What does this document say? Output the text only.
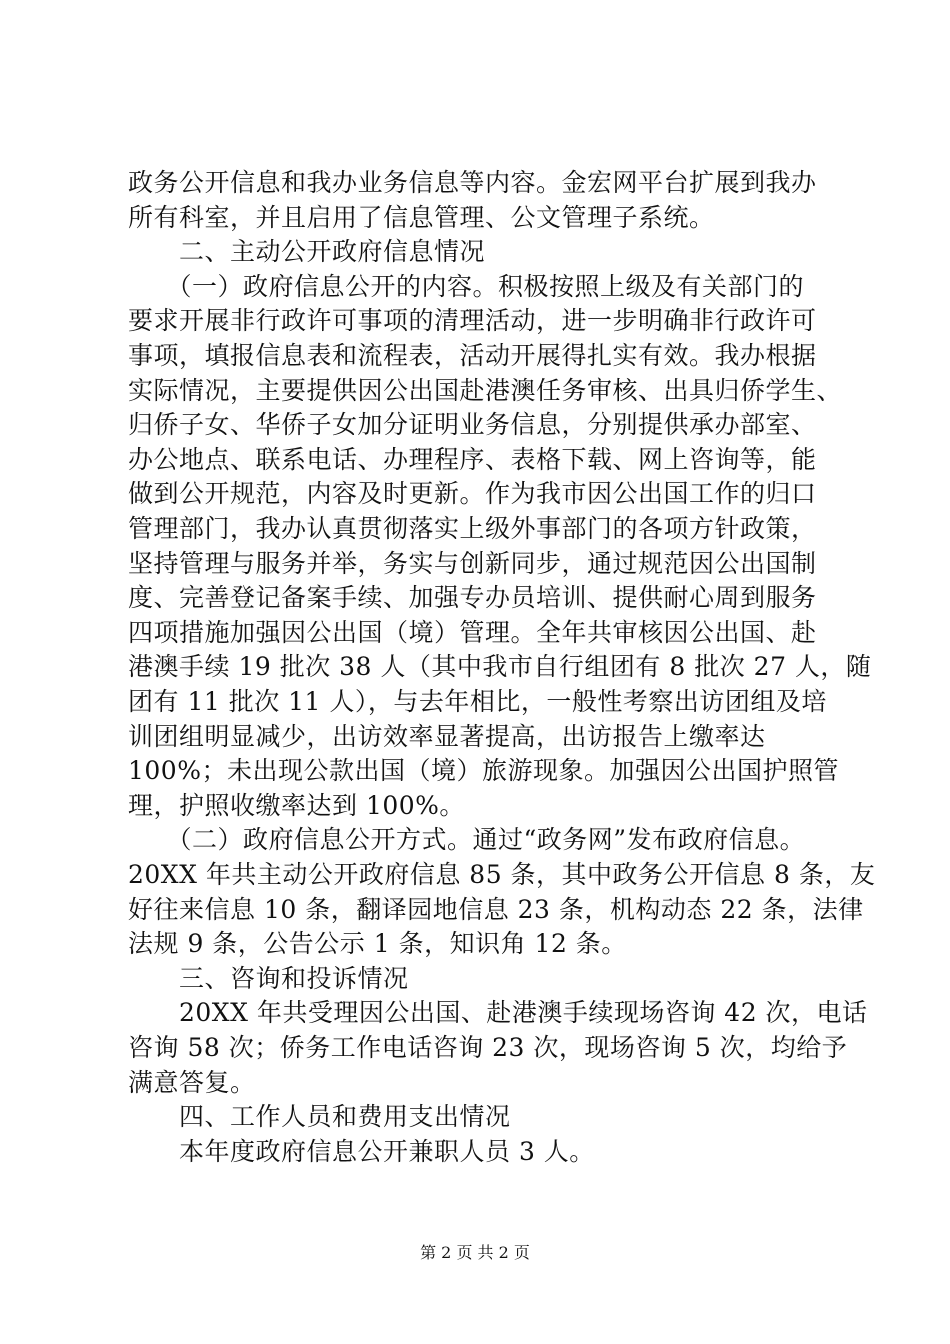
政务公开信息和我办业务信息等内容。金宏网平台扩展到我办
所有科室，并且启用了信息管理、公文管理子系统。
　　二、主动公开政府信息情况
　　（一）政府信息公开的内容。积极按照上级及有关部门的
要求开展非行政许可事项的清理活动，进一步明确非行政许可
事项，填报信息表和流程表，活动开展得扎实有效。我办根据
实际情况，主要提供因公出国赴港澳任务审核、出具归侨学生、
归侨子女、华侨子女加分证明业务信息，分别提供承办部室、
办公地点、联系电话、办理程序、表格下载、网上咨询等，能
做到公开规范，内容及时更新。作为我市因公出国工作的归口
管理部门，我办认真贯彻落实上级外事部门的各项方针政策，
坚持管理与服务并举，务实与创新同步，通过规范因公出国制
度、完善登记备案手续、加强专办员培训、提供耐心周到服务
四项措施加强因公出国（境）管理。全年共审核因公出国、赴
港澳手续 19 批次 38 人（其中我市自行组团有 8 批次 27 人，随
团有 11 批次 11 人），与去年相比，一般性考察出访团组及培
训团组明显减少，出访效率显著提高，出访报告上缴率达
100%；未出现公款出国（境）旅游现象。加强因公出国护照管
理，护照收缴率达到 100%。
　　（二）政府信息公开方式。通过“政务网”发布政府信息。
20XX 年共主动公开政府信息 85 条，其中政务公开信息 8 条，友
好往来信息 10 条，翻译园地信息 23 条，机构动态 22 条，法律
法规 9 条，公告公示 1 条，知识角 12 条。
　　三、咨询和投诉情况
　　20XX 年共受理因公出国、赴港澳手续现场咨询 42 次，电话
咨询 58 次；侨务工作电话咨询 23 次，现场咨询 5 次，均给予
满意答复。
　　四、工作人员和费用支出情况
　　本年度政府信息公开兼职人员 3 人。
第 2 页 共 2 页
